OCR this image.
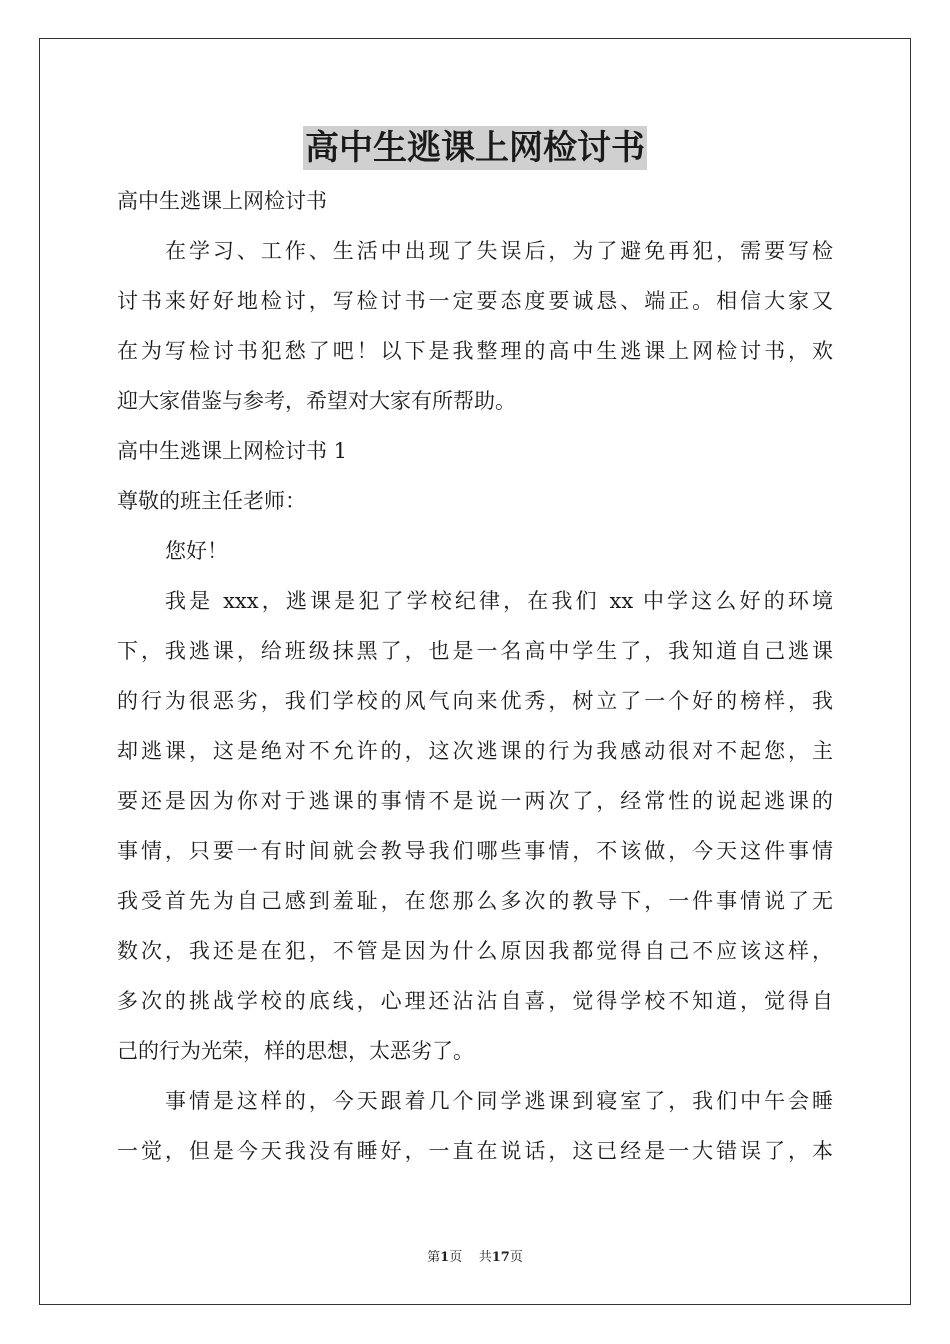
高中生逃课上网检讨书
高中生逃课上网检讨书
在学习、工作、生活中出现了失误后，为了避免再犯，需要写检
讨书来好好地检讨，写检讨书一定要态度要诚恳、端正。相信大家又
在为写检讨书犯愁了吧！以下是我整理的高中生逃课上网检讨书，欢
迎大家借鉴与参考，希望对大家有所帮助。
高中生逃课上网检讨书 1
尊敬的班主任老师：
您好！
我是 xxx，逃课是犯了学校纪律，在我们 xx 中学这么好的环境
下，我逃课，给班级抹黑了，也是一名高中学生了，我知道自己逃课
的行为很恶劣，我们学校的风气向来优秀，树立了一个好的榜样，我
却逃课，这是绝对不允许的，这次逃课的行为我感动很对不起您，主
要还是因为你对于逃课的事情不是说一两次了，经常性的说起逃课的
事情，只要一有时间就会教导我们哪些事情，不该做，今天这件事情
我受首先为自己感到羞耻，在您那么多次的教导下，一件事情说了无
数次，我还是在犯，不管是因为什么原因我都觉得自己不应该这样，
多次的挑战学校的底线，心理还沾沾自喜，觉得学校不知道，觉得自
己的行为光荣，样的思想，太恶劣了。
事情是这样的，今天跟着几个同学逃课到寝室了，我们中午会睡
一觉，但是今天我没有睡好，一直在说话，这已经是一大错误了，本
第1页 共17页
